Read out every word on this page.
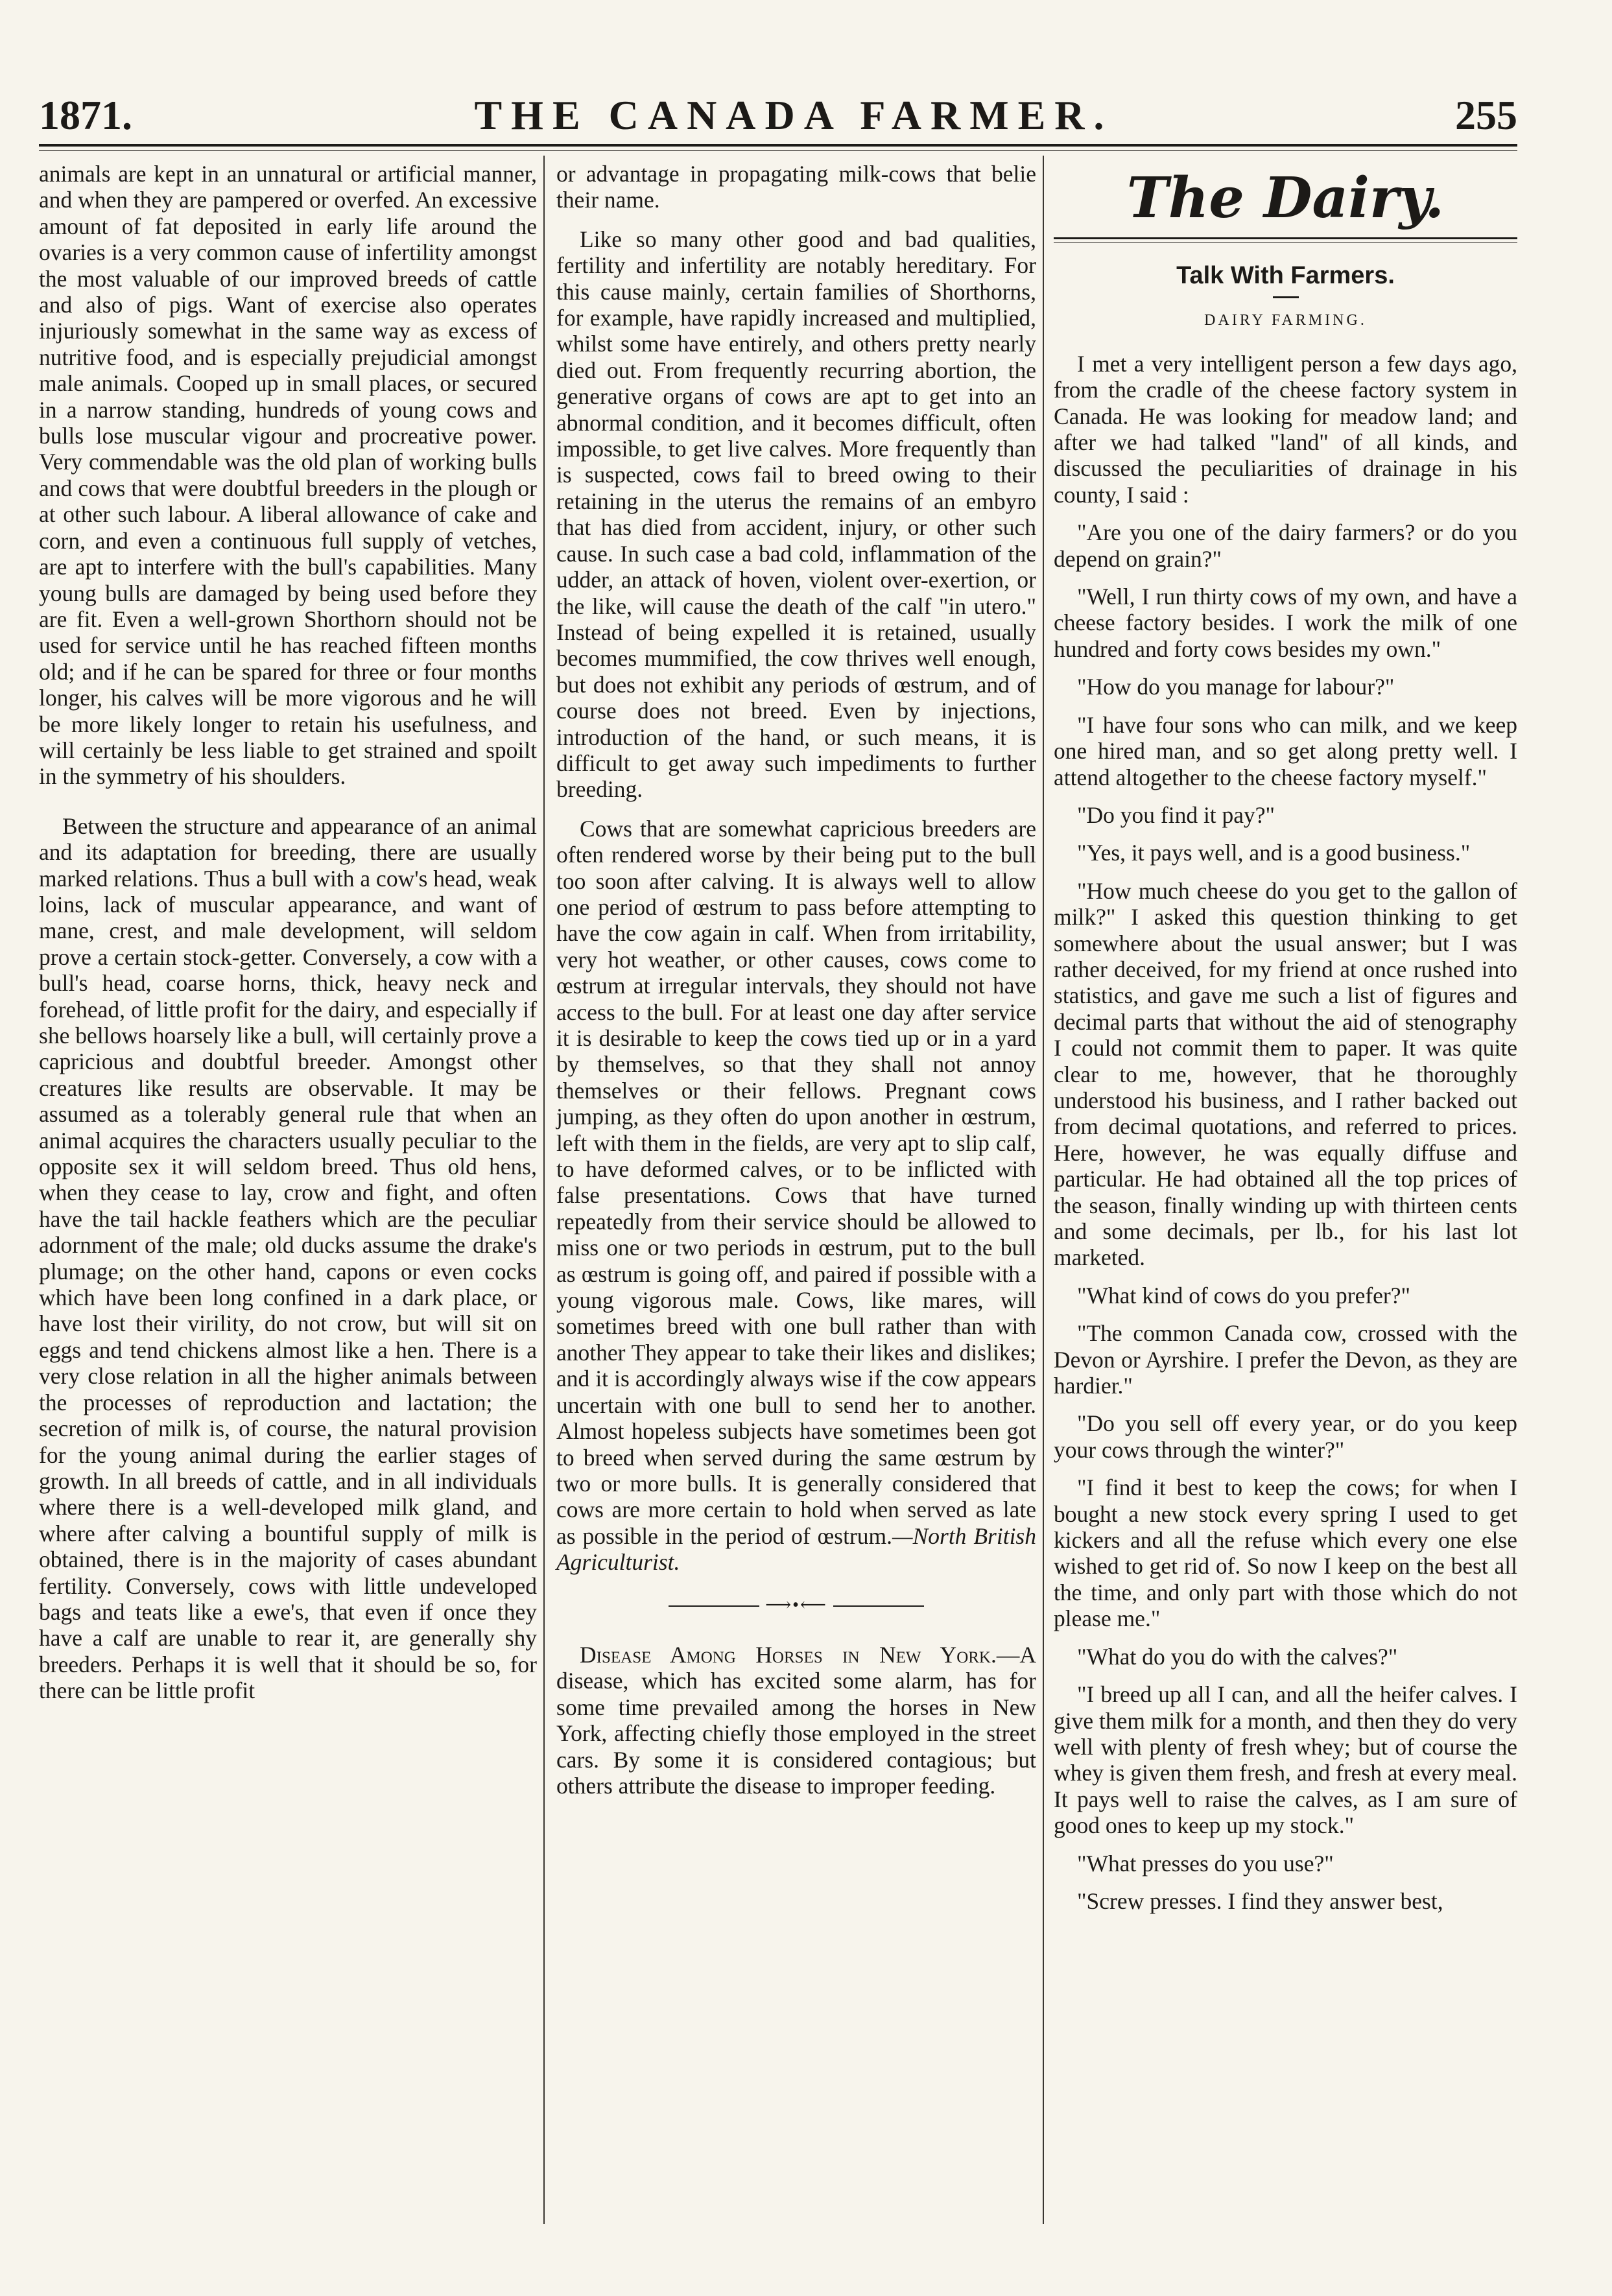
1871.	THE CANADA FARMER.	255

animals are kept in an unnatural or artificial manner, and when they are pampered or overfed. An excessive amount of fat deposited in early life around the ovaries is a very common cause of infertility amongst the most valuable of our improved breeds of cattle and also of pigs. Want of exercise also operates injuriously somewhat in the same way as excess of nutritive food, and is especially prejudicial amongst male animals. Cooped up in small places, or secured in a narrow standing, hundreds of young cows and bulls lose muscular vigour and procreative power. Very commendable was the old plan of working bulls and cows that were doubtful breeders in the plough or at other such labour. A liberal allowance of cake and corn, and even a continuous full supply of vetches, are apt to interfere with the bull's capabilities. Many young bulls are damaged by being used before they are fit. Even a well-grown Shorthorn should not be used for service until he has reached fifteen months old; and if he can be spared for three or four months longer, his calves will be more vigorous and he will be more likely longer to retain his usefulness, and will certainly be less liable to get strained and spoilt in the symmetry of his shoulders.

Between the structure and appearance of an animal and its adaptation for breeding, there are usually marked relations. Thus a bull with a cow's head, weak loins, lack of muscular appearance, and want of mane, crest, and male development, will seldom prove a certain stock-getter. Conversely, a cow with a bull's head, coarse horns, thick, heavy neck and forehead, of little profit for the dairy, and especially if she bellows hoarsely like a bull, will certainly prove a capricious and doubtful breeder. Amongst other creatures like results are observable. It may be assumed as a tolerably general rule that when an animal acquires the characters usually peculiar to the opposite sex it will seldom breed. Thus old hens, when they cease to lay, crow and fight, and often have the tail hackle feathers which are the peculiar adornment of the male; old ducks assume the drake's plumage; on the other hand, capons or even cocks which have been long confined in a dark place, or have lost their virility, do not crow, but will sit on eggs and tend chickens almost like a hen. There is a very close relation in all the higher animals between the processes of reproduction and lactation; the secretion of milk is, of course, the natural provision for the young animal during the earlier stages of growth. In all breeds of cattle, and in all individuals where there is a well-developed milk gland, and where after calving a bountiful supply of milk is obtained, there is in the majority of cases abundant fertility. Conversely, cows with little undeveloped bags and teats like a ewe's, that even if once they have a calf are unable to rear it, are generally shy breeders. Perhaps it is well that it should be so, for there can be little profit

or advantage in propagating milk-cows that belie their name.

Like so many other good and bad qualities, fertility and infertility are notably hereditary. For this cause mainly, certain families of Shorthorns, for example, have rapidly increased and multiplied, whilst some have entirely, and others pretty nearly died out. From frequently recurring abortion, the generative organs of cows are apt to get into an abnormal condition, and it becomes difficult, often impossible, to get live calves. More frequently than is suspected, cows fail to breed owing to their retaining in the uterus the remains of an embyro that has died from accident, injury, or other such cause. In such case a bad cold, inflammation of the udder, an attack of hoven, violent over-exertion, or the like, will cause the death of the calf "in utero." Instead of being expelled it is retained, usually becomes mummified, the cow thrives well enough, but does not exhibit any periods of œstrum, and of course does not breed. Even by injections, introduction of the hand, or such means, it is difficult to get away such impediments to further breeding.

Cows that are somewhat capricious breeders are often rendered worse by their being put to the bull too soon after calving. It is always well to allow one period of œstrum to pass before attempting to have the cow again in calf. When from irritability, very hot weather, or other causes, cows come to œstrum at irregular intervals, they should not have access to the bull. For at least one day after service it is desirable to keep the cows tied up or in a yard by themselves, so that they shall not annoy themselves or their fellows. Pregnant cows jumping, as they often do upon another in œstrum, left with them in the fields, are very apt to slip calf, to have deformed calves, or to be inflicted with false presentations. Cows that have turned repeatedly from their service should be allowed to miss one or two periods in œstrum, put to the bull as œstrum is going off, and paired if possible with a young vigorous male. Cows, like mares, will sometimes breed with one bull rather than with another They appear to take their likes and dislikes; and it is accordingly always wise if the cow appears uncertain with one bull to send her to another. Almost hopeless subjects have sometimes been got to breed when served during the same œstrum by two or more bulls. It is generally considered that cows are more certain to hold when served as late as possible in the period of œstrum.—North British Agriculturist.

⟶•⟵

Disease Among Horses in New York.—A disease, which has excited some alarm, has for some time prevailed among the horses in New York, affecting chiefly those employed in the street cars. By some it is considered contagious; but others attribute the disease to improper feeding.

The Dairy.
Talk With Farmers.
DAIRY FARMING.

I met a very intelligent person a few days ago, from the cradle of the cheese factory system in Canada. He was looking for meadow land; and after we had talked "land" of all kinds, and discussed the peculiarities of drainage in his county, I said :

"Are you one of the dairy farmers? or do you depend on grain?"

"Well, I run thirty cows of my own, and have a cheese factory besides. I work the milk of one hundred and forty cows besides my own."

"How do you manage for labour?"

"I have four sons who can milk, and we keep one hired man, and so get along pretty well. I attend altogether to the cheese factory myself."

"Do you find it pay?"

"Yes, it pays well, and is a good business."

"How much cheese do you get to the gallon of milk?" I asked this question thinking to get somewhere about the usual answer; but I was rather deceived, for my friend at once rushed into statistics, and gave me such a list of figures and decimal parts that without the aid of stenography I could not commit them to paper. It was quite clear to me, however, that he thoroughly understood his business, and I rather backed out from decimal quotations, and referred to prices. Here, however, he was equally diffuse and particular. He had obtained all the top prices of the season, finally winding up with thirteen cents and some decimals, per lb., for his last lot marketed.

"What kind of cows do you prefer?"

"The common Canada cow, crossed with the Devon or Ayrshire. I prefer the Devon, as they are hardier."

"Do you sell off every year, or do you keep your cows through the winter?"

"I find it best to keep the cows; for when I bought a new stock every spring I used to get kickers and all the refuse which every one else wished to get rid of. So now I keep on the best all the time, and only part with those which do not please me."

"What do you do with the calves?"

"I breed up all I can, and all the heifer calves. I give them milk for a month, and then they do very well with plenty of fresh whey; but of course the whey is given them fresh, and fresh at every meal. It pays well to raise the calves, as I am sure of good ones to keep up my stock."

"What presses do you use?"

"Screw presses. I find they answer best,
